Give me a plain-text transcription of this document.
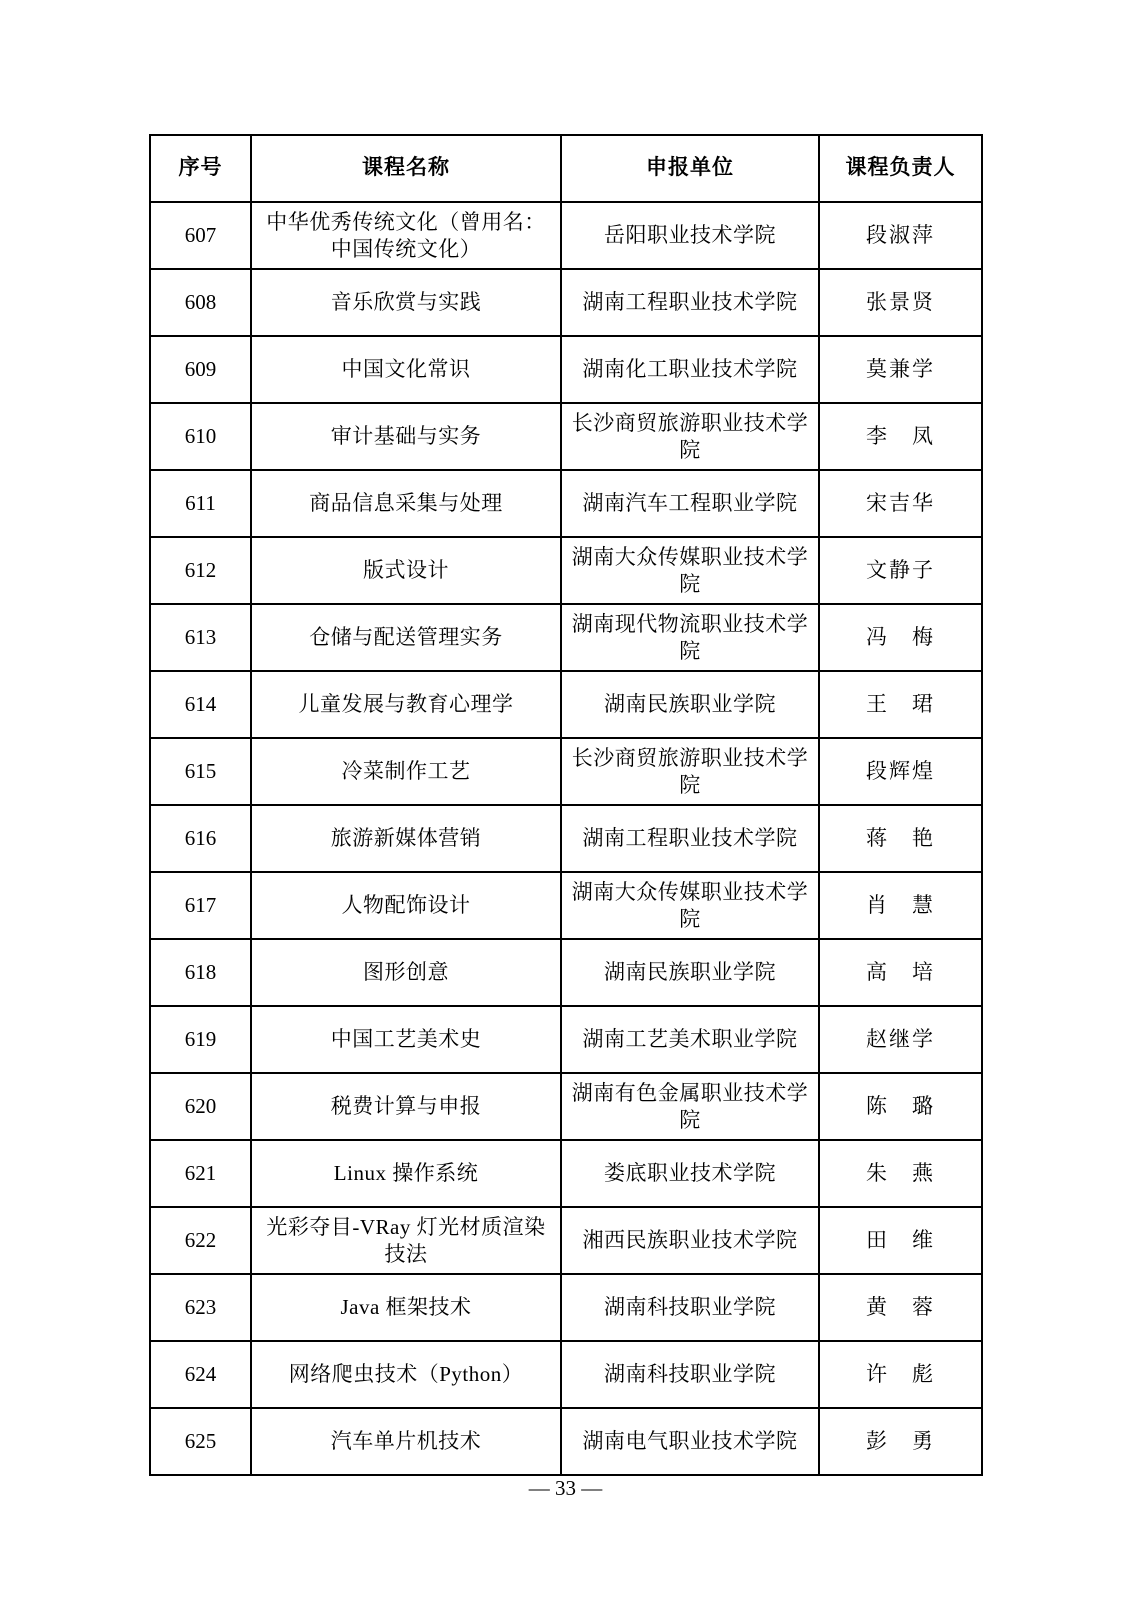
序号	课程名称	申报单位	课程负责人
607	中华优秀传统文化（曾用名：中国传统文化）	岳阳职业技术学院	段淑萍
608	音乐欣赏与实践	湖南工程职业技术学院	张景贤
609	中国文化常识	湖南化工职业技术学院	莫兼学
610	审计基础与实务	长沙商贸旅游职业技术学院	李　凤
611	商品信息采集与处理	湖南汽车工程职业学院	宋吉华
612	版式设计	湖南大众传媒职业技术学院	文静子
613	仓储与配送管理实务	湖南现代物流职业技术学院	冯　梅
614	儿童发展与教育心理学	湖南民族职业学院	王　珺
615	冷菜制作工艺	长沙商贸旅游职业技术学院	段辉煌
616	旅游新媒体营销	湖南工程职业技术学院	蒋　艳
617	人物配饰设计	湖南大众传媒职业技术学院	肖　慧
618	图形创意	湖南民族职业学院	高　培
619	中国工艺美术史	湖南工艺美术职业学院	赵继学
620	税费计算与申报	湖南有色金属职业技术学院	陈　璐
621	Linux 操作系统	娄底职业技术学院	朱　燕
622	光彩夺目-VRay 灯光材质渲染技法	湘西民族职业技术学院	田　维
623	Java 框架技术	湖南科技职业学院	黄　蓉
624	网络爬虫技术（Python）	湖南科技职业学院	许　彪
625	汽车单片机技术	湖南电气职业技术学院	彭　勇
— 33 —
